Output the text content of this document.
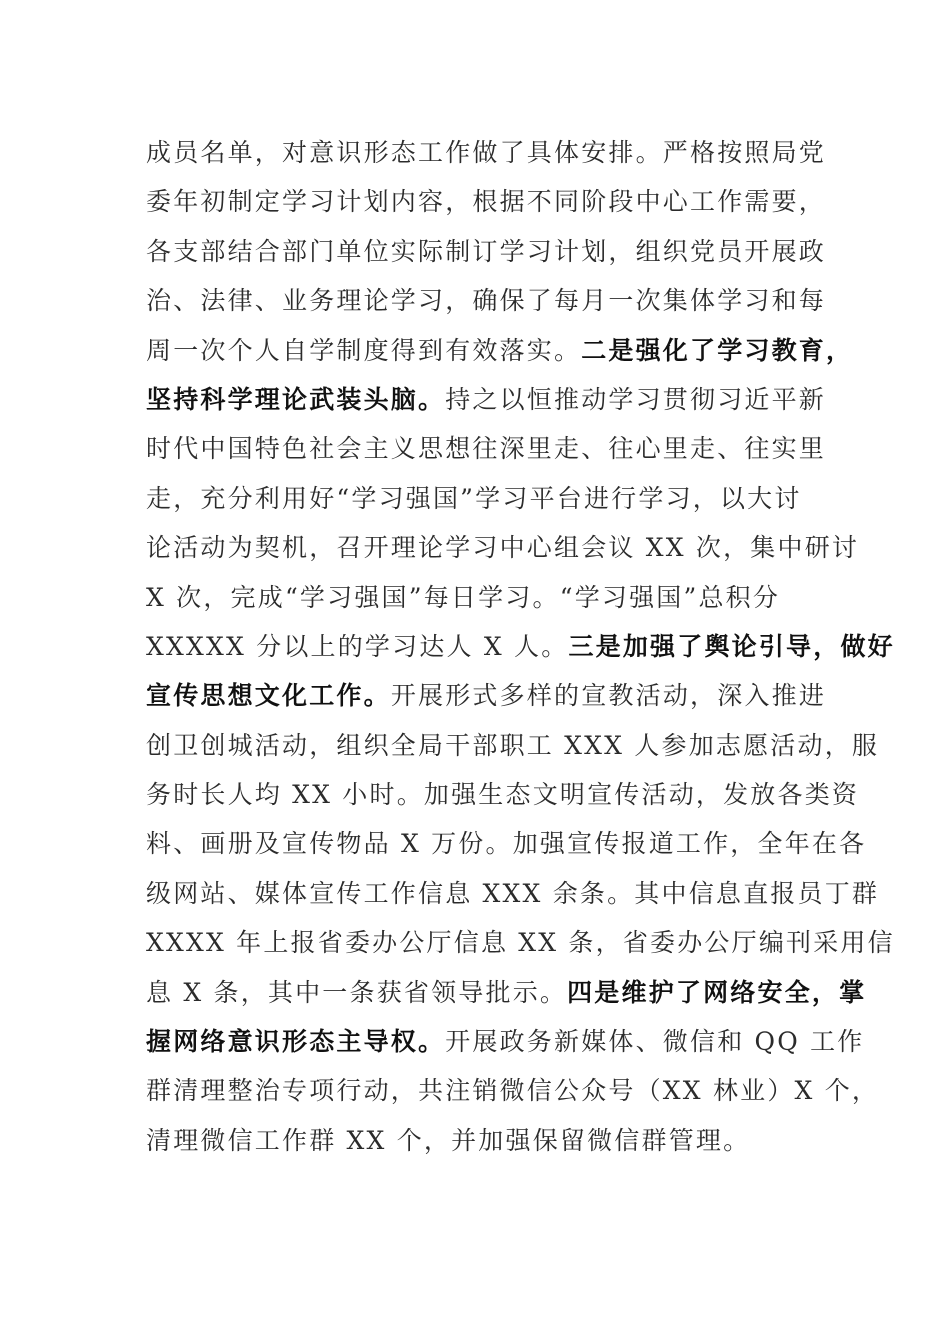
成员名单，对意识形态工作做了具体安排。严格按照局党
委年初制定学习计划内容，根据不同阶段中心工作需要，
各支部结合部门单位实际制订学习计划，组织党员开展政
治、法律、业务理论学习，确保了每月一次集体学习和每
周一次个人自学制度得到有效落实。二是强化了学习教育，
坚持科学理论武装头脑。持之以恒推动学习贯彻习近平新
时代中国特色社会主义思想往深里走、往心里走、往实里
走，充分利用好“学习强国”学习平台进行学习，以大讨
论活动为契机，召开理论学习中心组会议 XX 次，集中研讨
X 次，完成“学习强国”每日学习。“学习强国”总积分
XXXXX 分以上的学习达人 X 人。三是加强了舆论引导，做好
宣传思想文化工作。开展形式多样的宣教活动，深入推进
创卫创城活动，组织全局干部职工 XXX 人参加志愿活动，服
务时长人均 XX 小时。加强生态文明宣传活动，发放各类资
料、画册及宣传物品 X 万份。加强宣传报道工作，全年在各
级网站、媒体宣传工作信息 XXX 余条。其中信息直报员丁群
XXXX 年上报省委办公厅信息 XX 条，省委办公厅编刊采用信
息 X 条，其中一条获省领导批示。四是维护了网络安全，掌
握网络意识形态主导权。开展政务新媒体、微信和 QQ 工作
群清理整治专项行动，共注销微信公众号（XX 林业）X 个，
清理微信工作群 XX 个，并加强保留微信群管理。
